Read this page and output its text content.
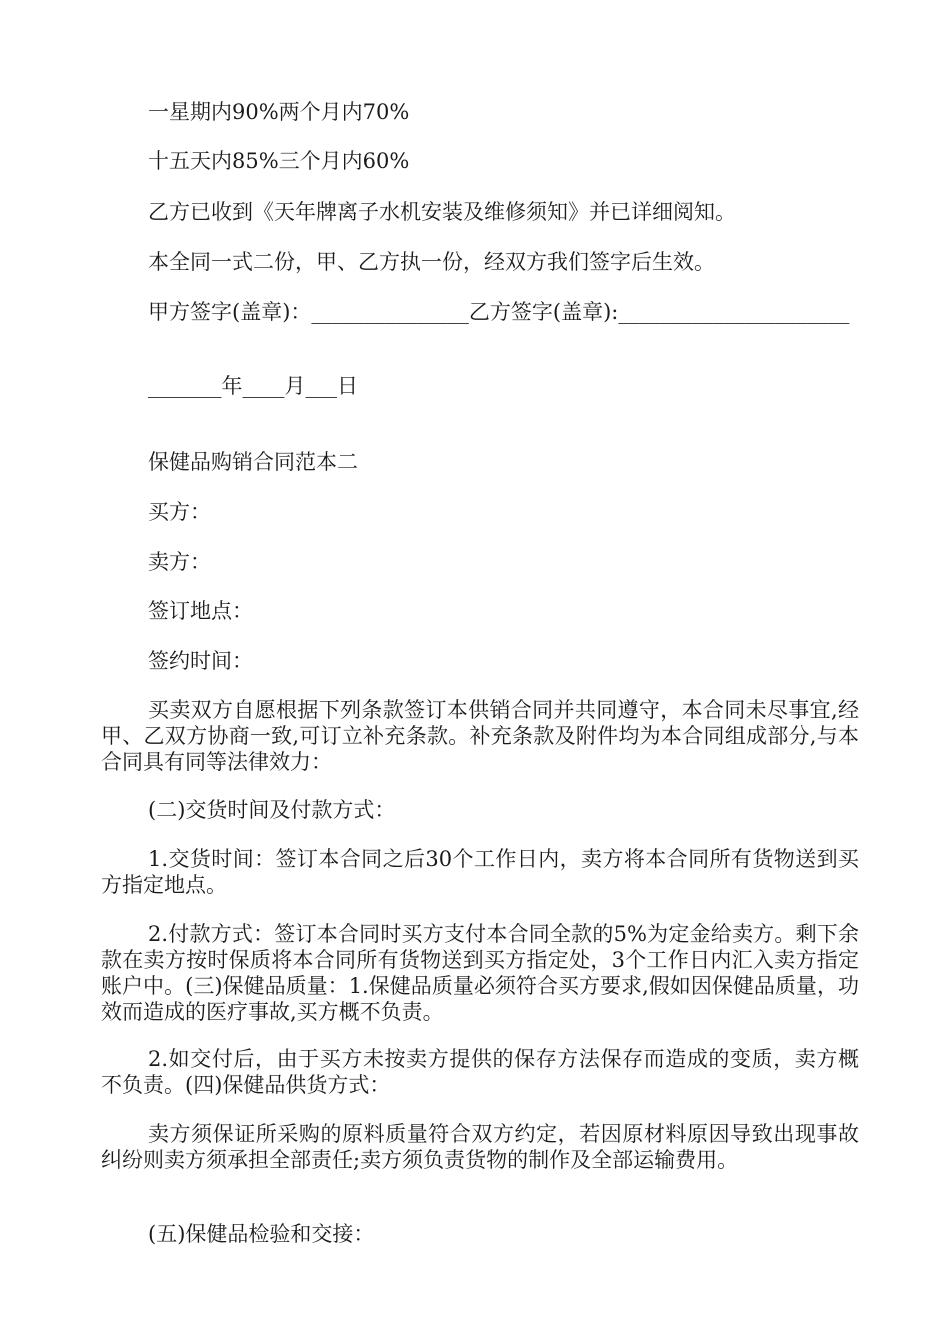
一星期内90%两个月内70%
十五天内85%三个月内60%
乙方已收到《天年牌离子水机安装及维修须知》并已详细阅知。
本全同一式二份，甲、乙方执一份，经双方我们签字后生效。
甲方签字(盖章)：_______________乙方签字(盖章):______________________
_______年____月___日
保健品购销合同范本二
买方：
卖方：
签订地点：
签约时间：
买卖双方自愿根据下列条款签订本供销合同并共同遵守，本合同未尽事宜,经甲、乙双方协商一致,可订立补充条款。补充条款及附件均为本合同组成部分,与本合同具有同等法律效力：
(二)交货时间及付款方式：
1.交货时间：签订本合同之后30个工作日内，卖方将本合同所有货物送到买方指定地点。
2.付款方式：签订本合同时买方支付本合同全款的5%为定金给卖方。剩下余款在卖方按时保质将本合同所有货物送到买方指定处，3个工作日内汇入卖方指定账户中。(三)保健品质量：1.保健品质量必须符合买方要求,假如因保健品质量，功效而造成的医疗事故,买方概不负责。
2.如交付后，由于买方未按卖方提供的保存方法保存而造成的变质，卖方概不负责。(四)保健品供货方式：
卖方须保证所采购的原料质量符合双方约定，若因原材料原因导致出现事故纠纷则卖方须承担全部责任;卖方须负责货物的制作及全部运输费用。
(五)保健品检验和交接：
